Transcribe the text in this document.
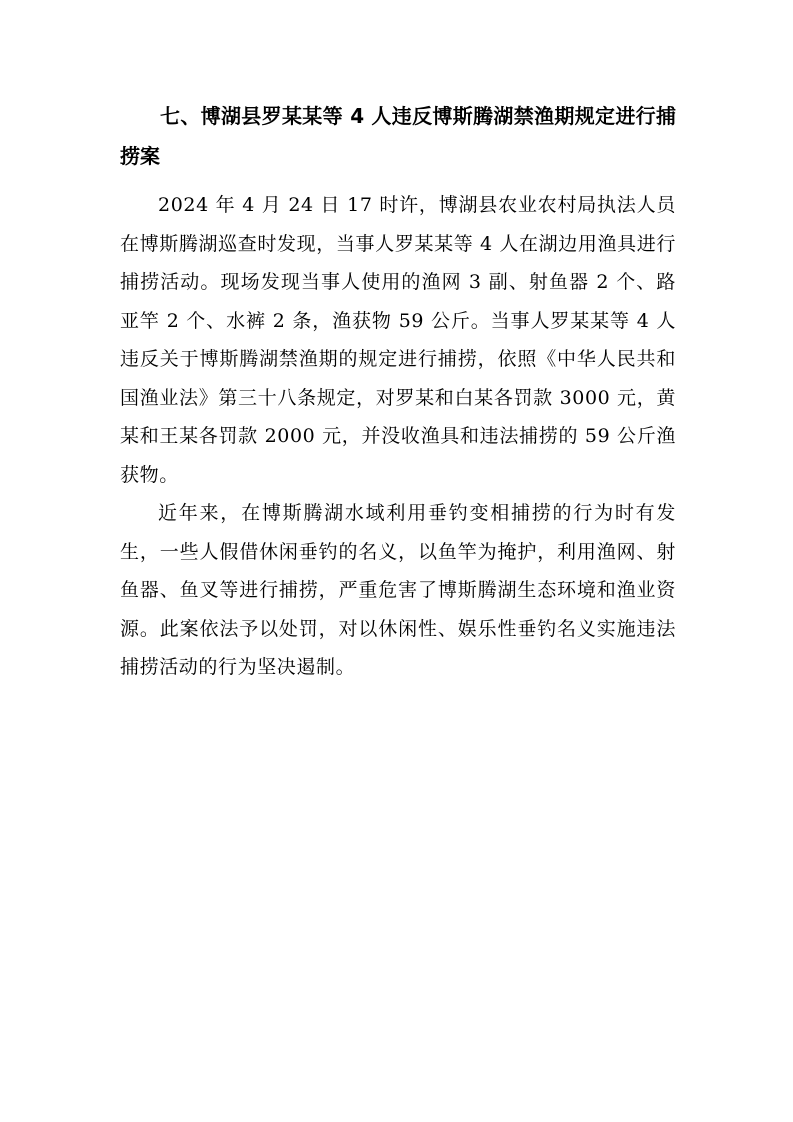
七、博湖县罗某某等 4 人违反博斯腾湖禁渔期规定进行捕捞案

2024 年 4 月 24 日 17 时许，博湖县农业农村局执法人员在博斯腾湖巡查时发现，当事人罗某某等 4 人在湖边用渔具进行捕捞活动。现场发现当事人使用的渔网 3 副、射鱼器 2 个、路亚竿 2 个、水裤 2 条，渔获物 59 公斤。当事人罗某某等 4 人违反关于博斯腾湖禁渔期的规定进行捕捞，依照《中华人民共和国渔业法》第三十八条规定，对罗某和白某各罚款 3000 元，黄某和王某各罚款 2000 元，并没收渔具和违法捕捞的 59 公斤渔获物。

近年来，在博斯腾湖水域利用垂钓变相捕捞的行为时有发生，一些人假借休闲垂钓的名义，以鱼竿为掩护，利用渔网、射鱼器、鱼叉等进行捕捞，严重危害了博斯腾湖生态环境和渔业资源。此案依法予以处罚，对以休闲性、娱乐性垂钓名义实施违法捕捞活动的行为坚决遏制。
